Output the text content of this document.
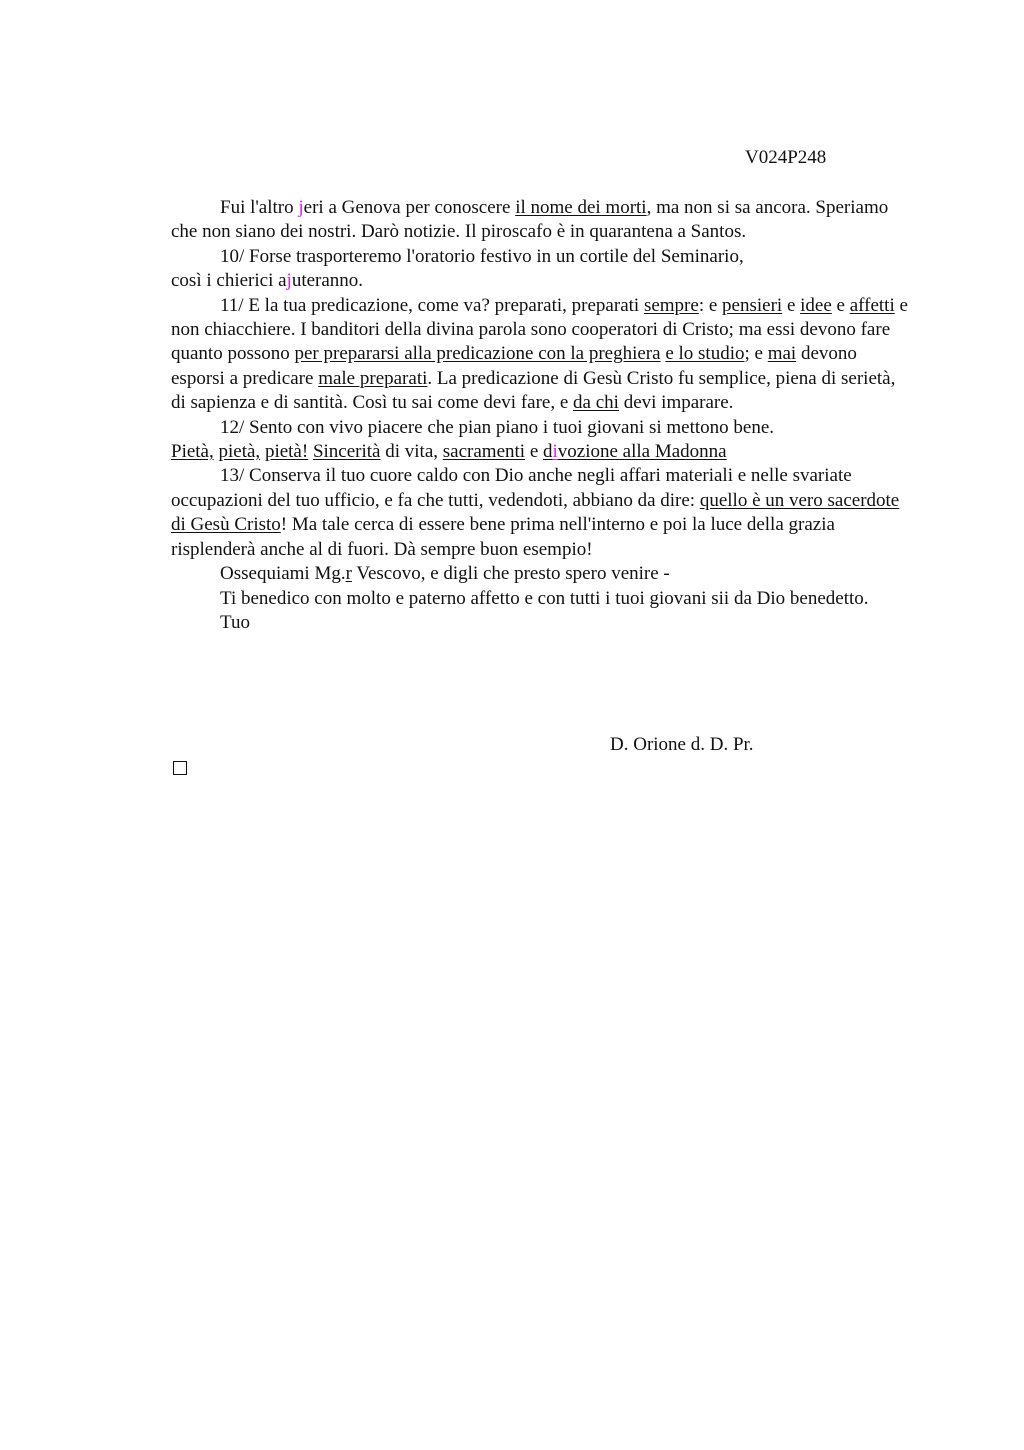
V024P248

Fui l'altro jeri a Genova per conoscere il nome dei morti, ma non si sa ancora. Speriamo che non siano dei nostri. Darò notizie. Il piroscafo è in quarantena a Santos.

10/ Forse trasporteremo l'oratorio festivo in un cortile del Seminario,

così i chierici ajuteranno.

11/ E la tua predicazione, come va? preparati, preparati sempre: e pensieri e idee e affetti e non chiacchiere. I banditori della divina parola sono cooperatori di Cristo; ma essi devono fare quanto possono per prepararsi alla predicazione con la preghiera e lo studio; e mai devono esporsi a predicare male preparati. La predicazione di Gesù Cristo fu semplice, piena di serietà, di sapienza e di santità. Così tu sai come devi fare, e da chi devi imparare.

12/ Sento con vivo piacere che pian piano i tuoi giovani si mettono bene.

Pietà, pietà, pietà! Sincerità di vita, sacramenti e divozione alla Madonna

13/ Conserva il tuo cuore caldo con Dio anche negli affari materiali e nelle svariate

occupazioni del tuo ufficio, e fa che tutti, vedendoti, abbiano da dire: quello è un vero sacerdote di Gesù Cristo! Ma tale cerca di essere bene prima nell'interno e poi la luce della grazia risplenderà anche al di fuori. Dà sempre buon esempio!

Ossequiami Mg.r Vescovo, e digli che presto spero venire -

Ti benedico con molto e paterno affetto e con tutti i tuoi giovani sii da Dio benedetto.

Tuo

D. Orione d. D. Pr.
